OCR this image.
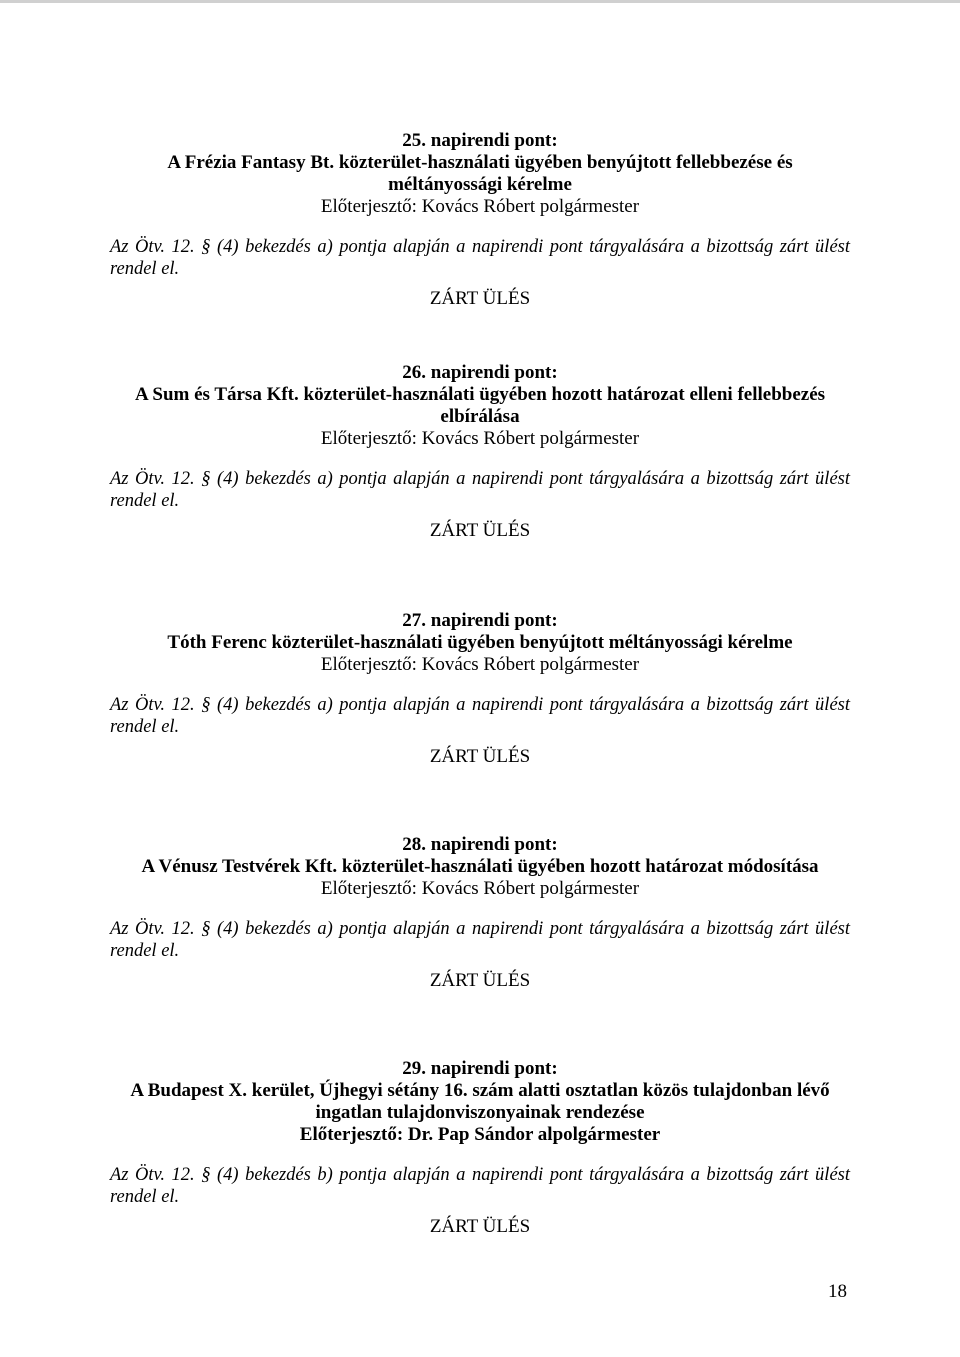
25. napirendi pont:
A Frézia Fantasy Bt. közterület-használati ügyében benyújtott fellebbezése és
méltányossági kérelme
Előterjesztő: Kovács Róbert polgármester
Az Ötv. 12. § (4) bekezdés a) pontja alapján a napirendi pont tárgyalására a bizottság zárt ülést rendel el.
ZÁRT ÜLÉS
26. napirendi pont:
A Sum és Társa Kft. közterület-használati ügyében hozott határozat elleni fellebbezés
elbírálása
Előterjesztő: Kovács Róbert polgármester
Az Ötv. 12. § (4) bekezdés a) pontja alapján a napirendi pont tárgyalására a bizottság zárt ülést rendel el.
ZÁRT ÜLÉS
27. napirendi pont:
Tóth Ferenc közterület-használati ügyében benyújtott méltányossági kérelme
Előterjesztő: Kovács Róbert polgármester
Az Ötv. 12. § (4) bekezdés a) pontja alapján a napirendi pont tárgyalására a bizottság zárt ülést rendel el.
ZÁRT ÜLÉS
28. napirendi pont:
A Vénusz Testvérek Kft. közterület-használati ügyében hozott határozat módosítása
Előterjesztő: Kovács Róbert polgármester
Az Ötv. 12. § (4) bekezdés a) pontja alapján a napirendi pont tárgyalására a bizottság zárt ülést rendel el.
ZÁRT ÜLÉS
29. napirendi pont:
A Budapest X. kerület, Újhegyi sétány 16. szám alatti osztatlan közös tulajdonban lévő
ingatlan tulajdonviszonyainak rendezése
Előterjesztő: Dr. Pap Sándor alpolgármester
Az Ötv. 12. § (4) bekezdés b) pontja alapján a napirendi pont tárgyalására a bizottság zárt ülést rendel el.
ZÁRT ÜLÉS
18
